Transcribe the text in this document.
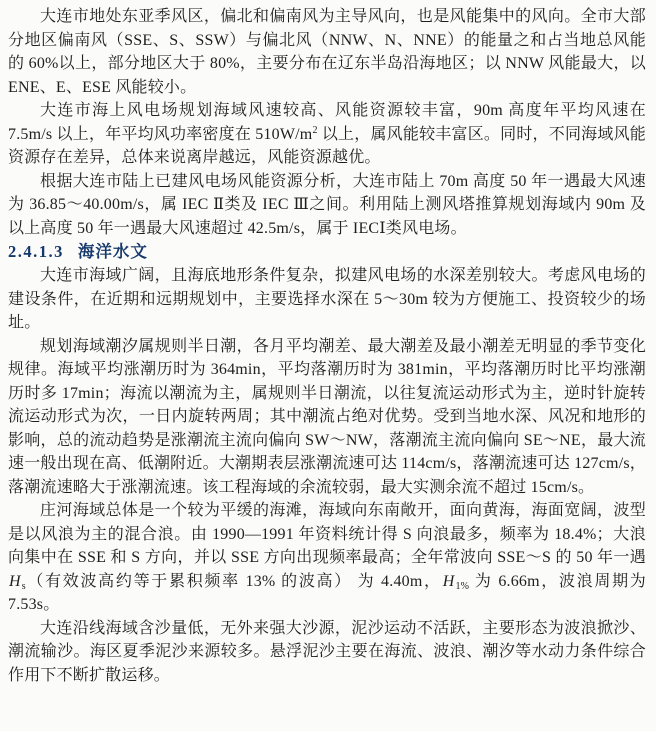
大连市地处东亚季风区，偏北和偏南风为主导风向，也是风能集中的风向。全市大部分地区偏南风（SSE、S、SSW）与偏北风（NNW、N、NNE）的能量之和占当地总风能的 60%以上，部分地区大于 80%，主要分布在辽东半岛沿海地区；以 NNW 风能最大，以 ENE、E、ESE 风能较小。

大连市海上风电场规划海域风速较高、风能资源较丰富，90m 高度年平均风速在 7.5m/s 以上，年平均风功率密度在 $510W/m^2$ 以上，属风能较丰富区。同时，不同海域风能资源存在差异，总体来说离岸越远，风能资源越优。

根据大连市陆上已建风电场风能资源分析，大连市陆上 70m 高度 50 年一遇最大风速为 36.85～40.00m/s，属 IEC Ⅱ类及 IEC Ⅲ之间。利用陆上测风塔推算规划海域内 90m 及以上高度 50 年一遇最大风速超过 42.5m/s，属于 IECⅠ类风电场。

2.4.1.3 海洋水文

大连市海域广阔，且海底地形条件复杂，拟建风电场的水深差别较大。考虑风电场的建设条件，在近期和远期规划中，主要选择水深在 5～30m 较为方便施工、投资较少的场址。

规划海域潮汐属规则半日潮，各月平均潮差、最大潮差及最小潮差无明显的季节变化规律。海域平均涨潮历时为 364min，平均落潮历时为 381min，平均落潮历时比平均涨潮历时多 17min；海流以潮流为主，属规则半日潮流，以往复流运动形式为主，逆时针旋转流运动形式为次，一日内旋转两周；其中潮流占绝对优势。受到当地水深、风况和地形的影响，总的流动趋势是涨潮流主流向偏向 SW～NW，落潮流主流向偏向 SE～NE，最大流速一般出现在高、低潮附近。大潮期表层涨潮流速可达 114cm/s，落潮流速可达 127cm/s，落潮流速略大于涨潮流速。该工程海域的余流较弱，最大实测余流不超过 15cm/s。

庄河海域总体是一个较为平缓的海滩，海域向东南敞开，面向黄海，海面宽阔，波型是以风浪为主的混合浪。由 1990—1991 年资料统计得 S 向浪最多，频率为 18.4%；大浪向集中在 SSE 和 S 方向，并以 SSE 方向出现频率最高；全年常波向 SSE～S 的 50 年一遇$H_s$（有效波高约等于累积频率 13% 的波高） 为 4.40m，$H_{1\%}$ 为 6.66m，波浪周期为 7.53s。

大连沿线海域含沙量低，无外来强大沙源，泥沙运动不活跃，主要形态为波浪掀沙、潮流输沙。海区夏季泥沙来源较多。悬浮泥沙主要在海流、波浪、潮汐等水动力条件综合作用下不断扩散运移。
